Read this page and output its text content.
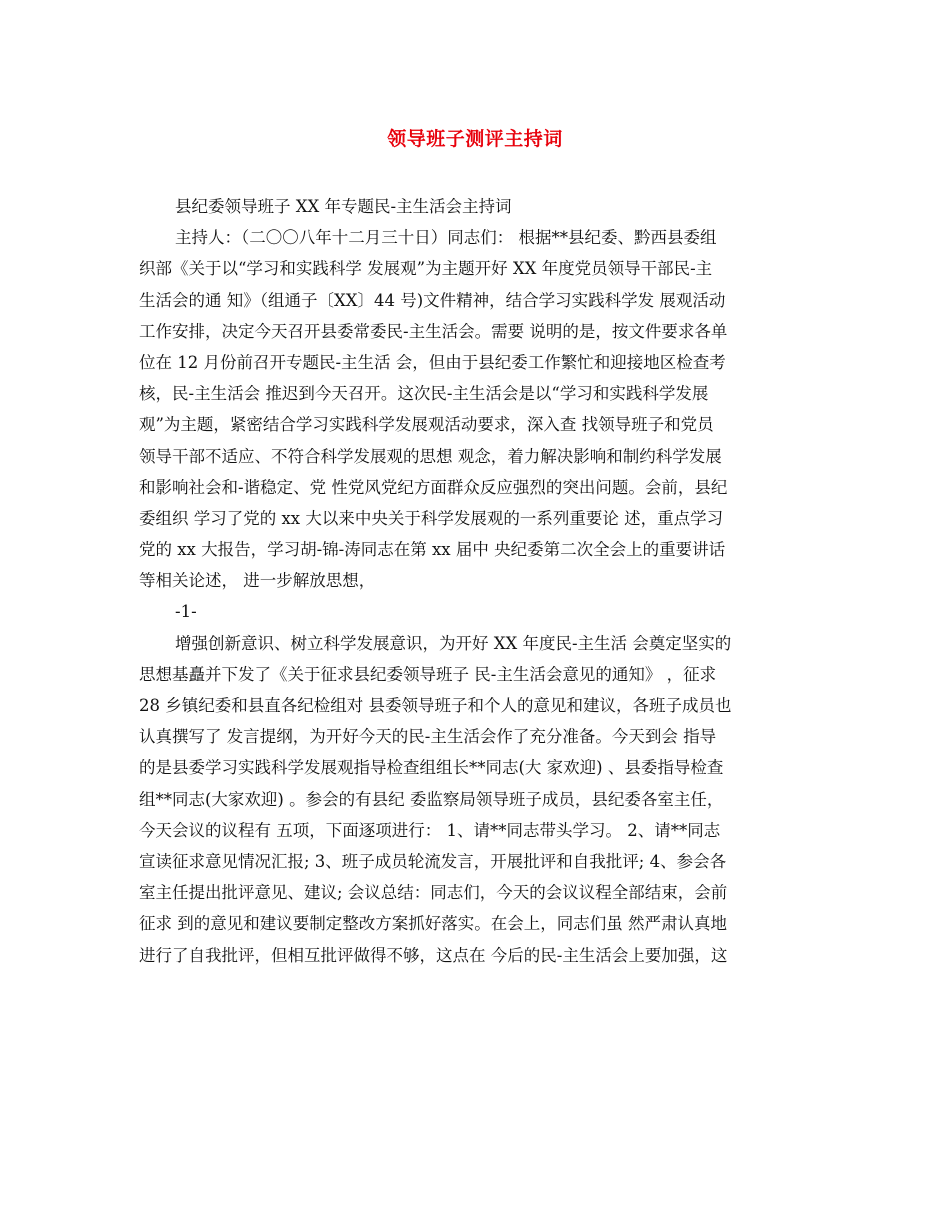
领导班子测评主持词
县纪委领导班子 XX 年专题民-主生活会主持词
主持人：（二〇〇八年十二月三十日）同志们： 根据**县纪委、黔西县委组
织部《关于以“学习和实践科学 发展观”为主题开好 XX 年度党员领导干部民-主
生活会的通 知》（组通子〔XX〕44 号)文件精神，结合学习实践科学发 展观活动
工作安排，决定今天召开县委常委民-主生活会。需要 说明的是，按文件要求各单
位在 12 月份前召开专题民-主生活 会，但由于县纪委工作繁忙和迎接地区检查考
核，民-主生活会 推迟到今天召开。这次民-主生活会是以“学习和实践科学发展
观”为主题，紧密结合学习实践科学发展观活动要求，深入查 找领导班子和党员
领导干部不适应、不符合科学发展观的思想 观念，着力解决影响和制约科学发展
和影响社会和-谐稳定、党 性党风党纪方面群众反应强烈的突出问题。会前，县纪
委组织 学习了党的 xx 大以来中央关于科学发展观的一系列重要论 述，重点学习
党的 xx 大报告，学习胡-锦-涛同志在第 xx 届中 央纪委第二次全会上的重要讲话
等相关论述， 进一步解放思想，
-1-
增强创新意识、树立科学发展意识，为开好 XX 年度民-主生活 会奠定坚实的
思想基矗并下发了《关于征求县纪委领导班子 民-主生活会意见的通知》 ，征求
28 乡镇纪委和县直各纪检组对 县委领导班子和个人的意见和建议，各班子成员也
认真撰写了 发言提纲，为开好今天的民-主生活会作了充分准备。今天到会 指导
的是县委学习实践科学发展观指导检查组组长**同志(大 家欢迎) 、县委指导检查
组**同志(大家欢迎) 。参会的有县纪 委监察局领导班子成员，县纪委各室主任，
今天会议的议程有 五项，下面逐项进行： 1、请**同志带头学习。 2、请**同志
宣读征求意见情况汇报; 3、班子成员轮流发言，开展批评和自我批评; 4、参会各
室主任提出批评意见、建议; 会议总结：同志们，今天的会议议程全部结束，会前
征求 到的意见和建议要制定整改方案抓好落实。在会上，同志们虽 然严肃认真地
进行了自我批评，但相互批评做得不够，这点在 今后的民-主生活会上要加强，这
